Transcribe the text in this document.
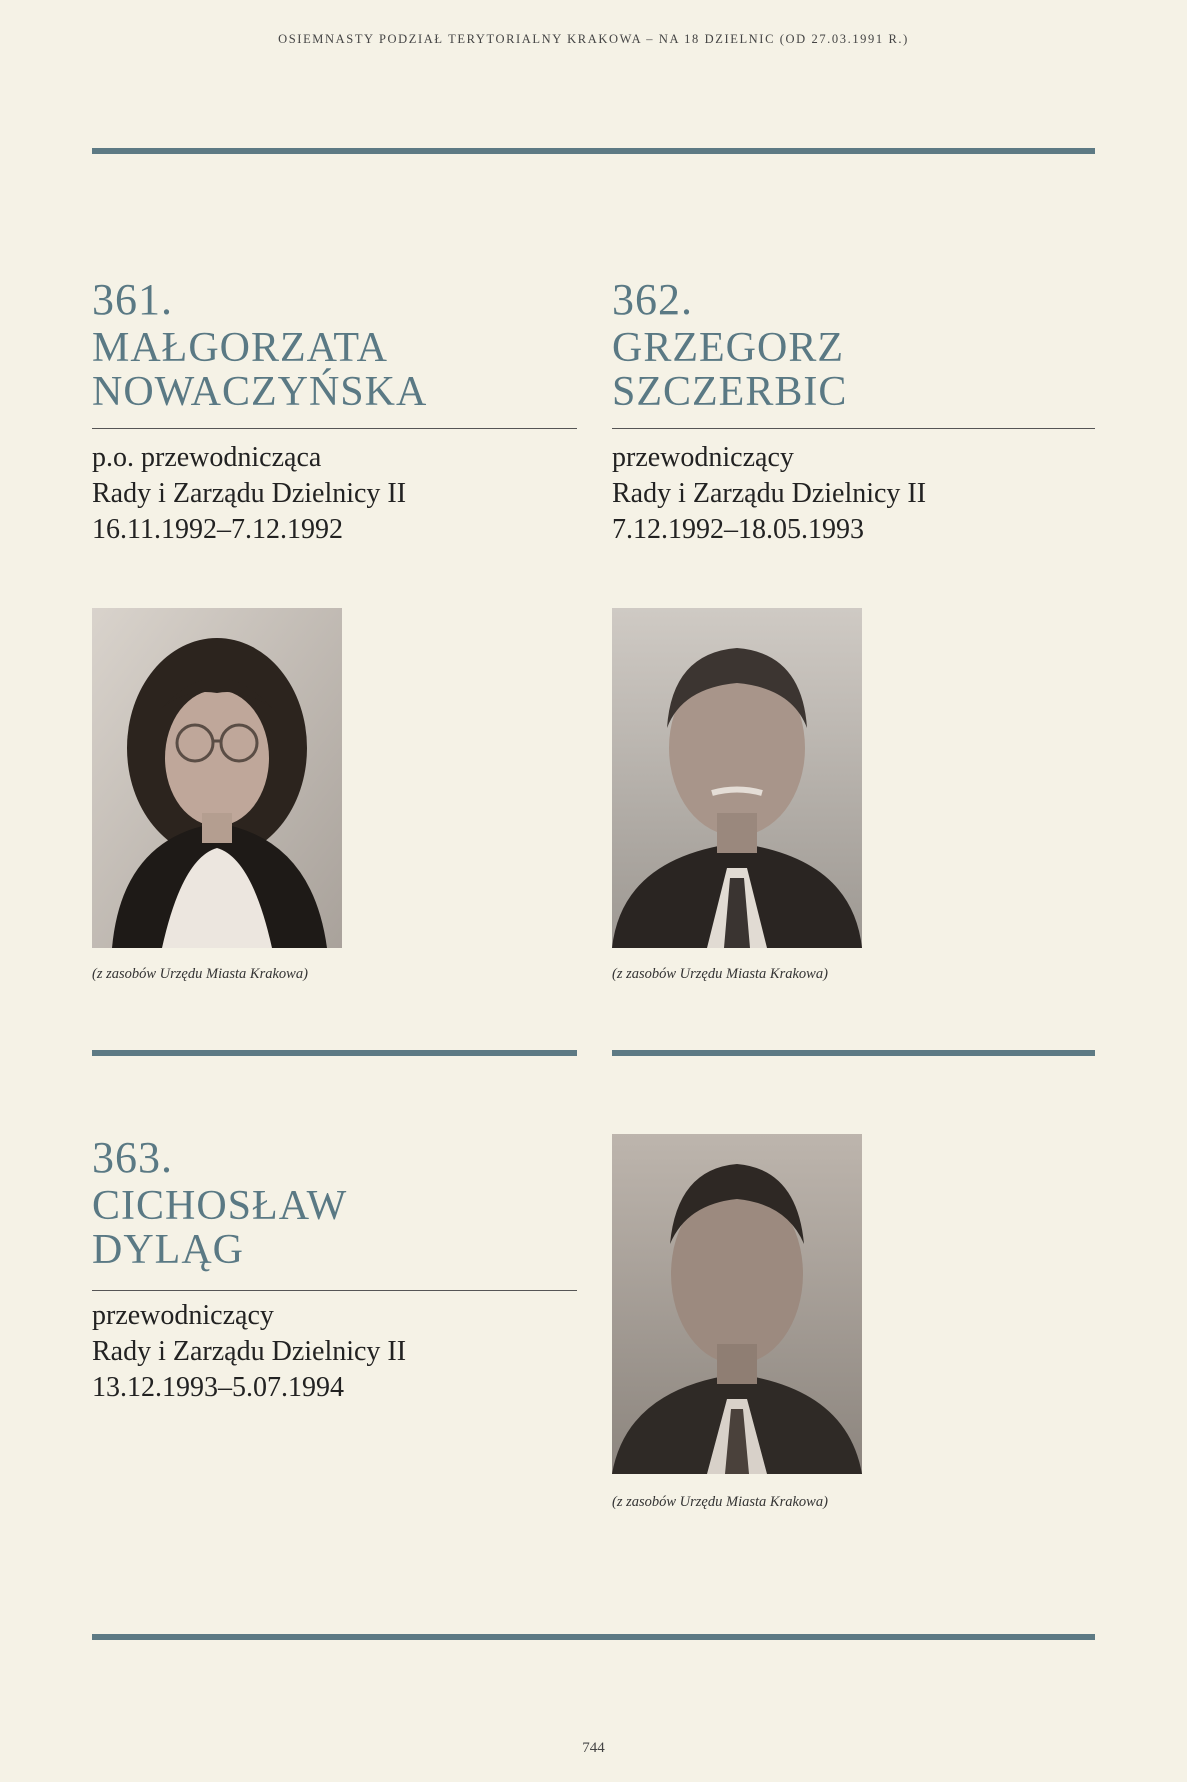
OSIEMNASTY PODZIAŁ TERYTORIALNY KRAKOWA – NA 18 DZIELNIC (OD 27.03.1991 R.)
361.
MAŁGORZATA
NOWACZYŃSKA
p.o. przewodnicząca
Rady i Zarządu Dzielnicy II
16.11.1992–7.12.1992
(z zasobów Urzędu Miasta Krakowa)
362.
GRZEGORZ
SZCZERBIC
przewodniczący
Rady i Zarządu Dzielnicy II
7.12.1992–18.05.1993
(z zasobów Urzędu Miasta Krakowa)
363.
CICHOSŁAW
DYLĄG
przewodniczący
Rady i Zarządu Dzielnicy II
13.12.1993–5.07.1994
(z zasobów Urzędu Miasta Krakowa)
744
